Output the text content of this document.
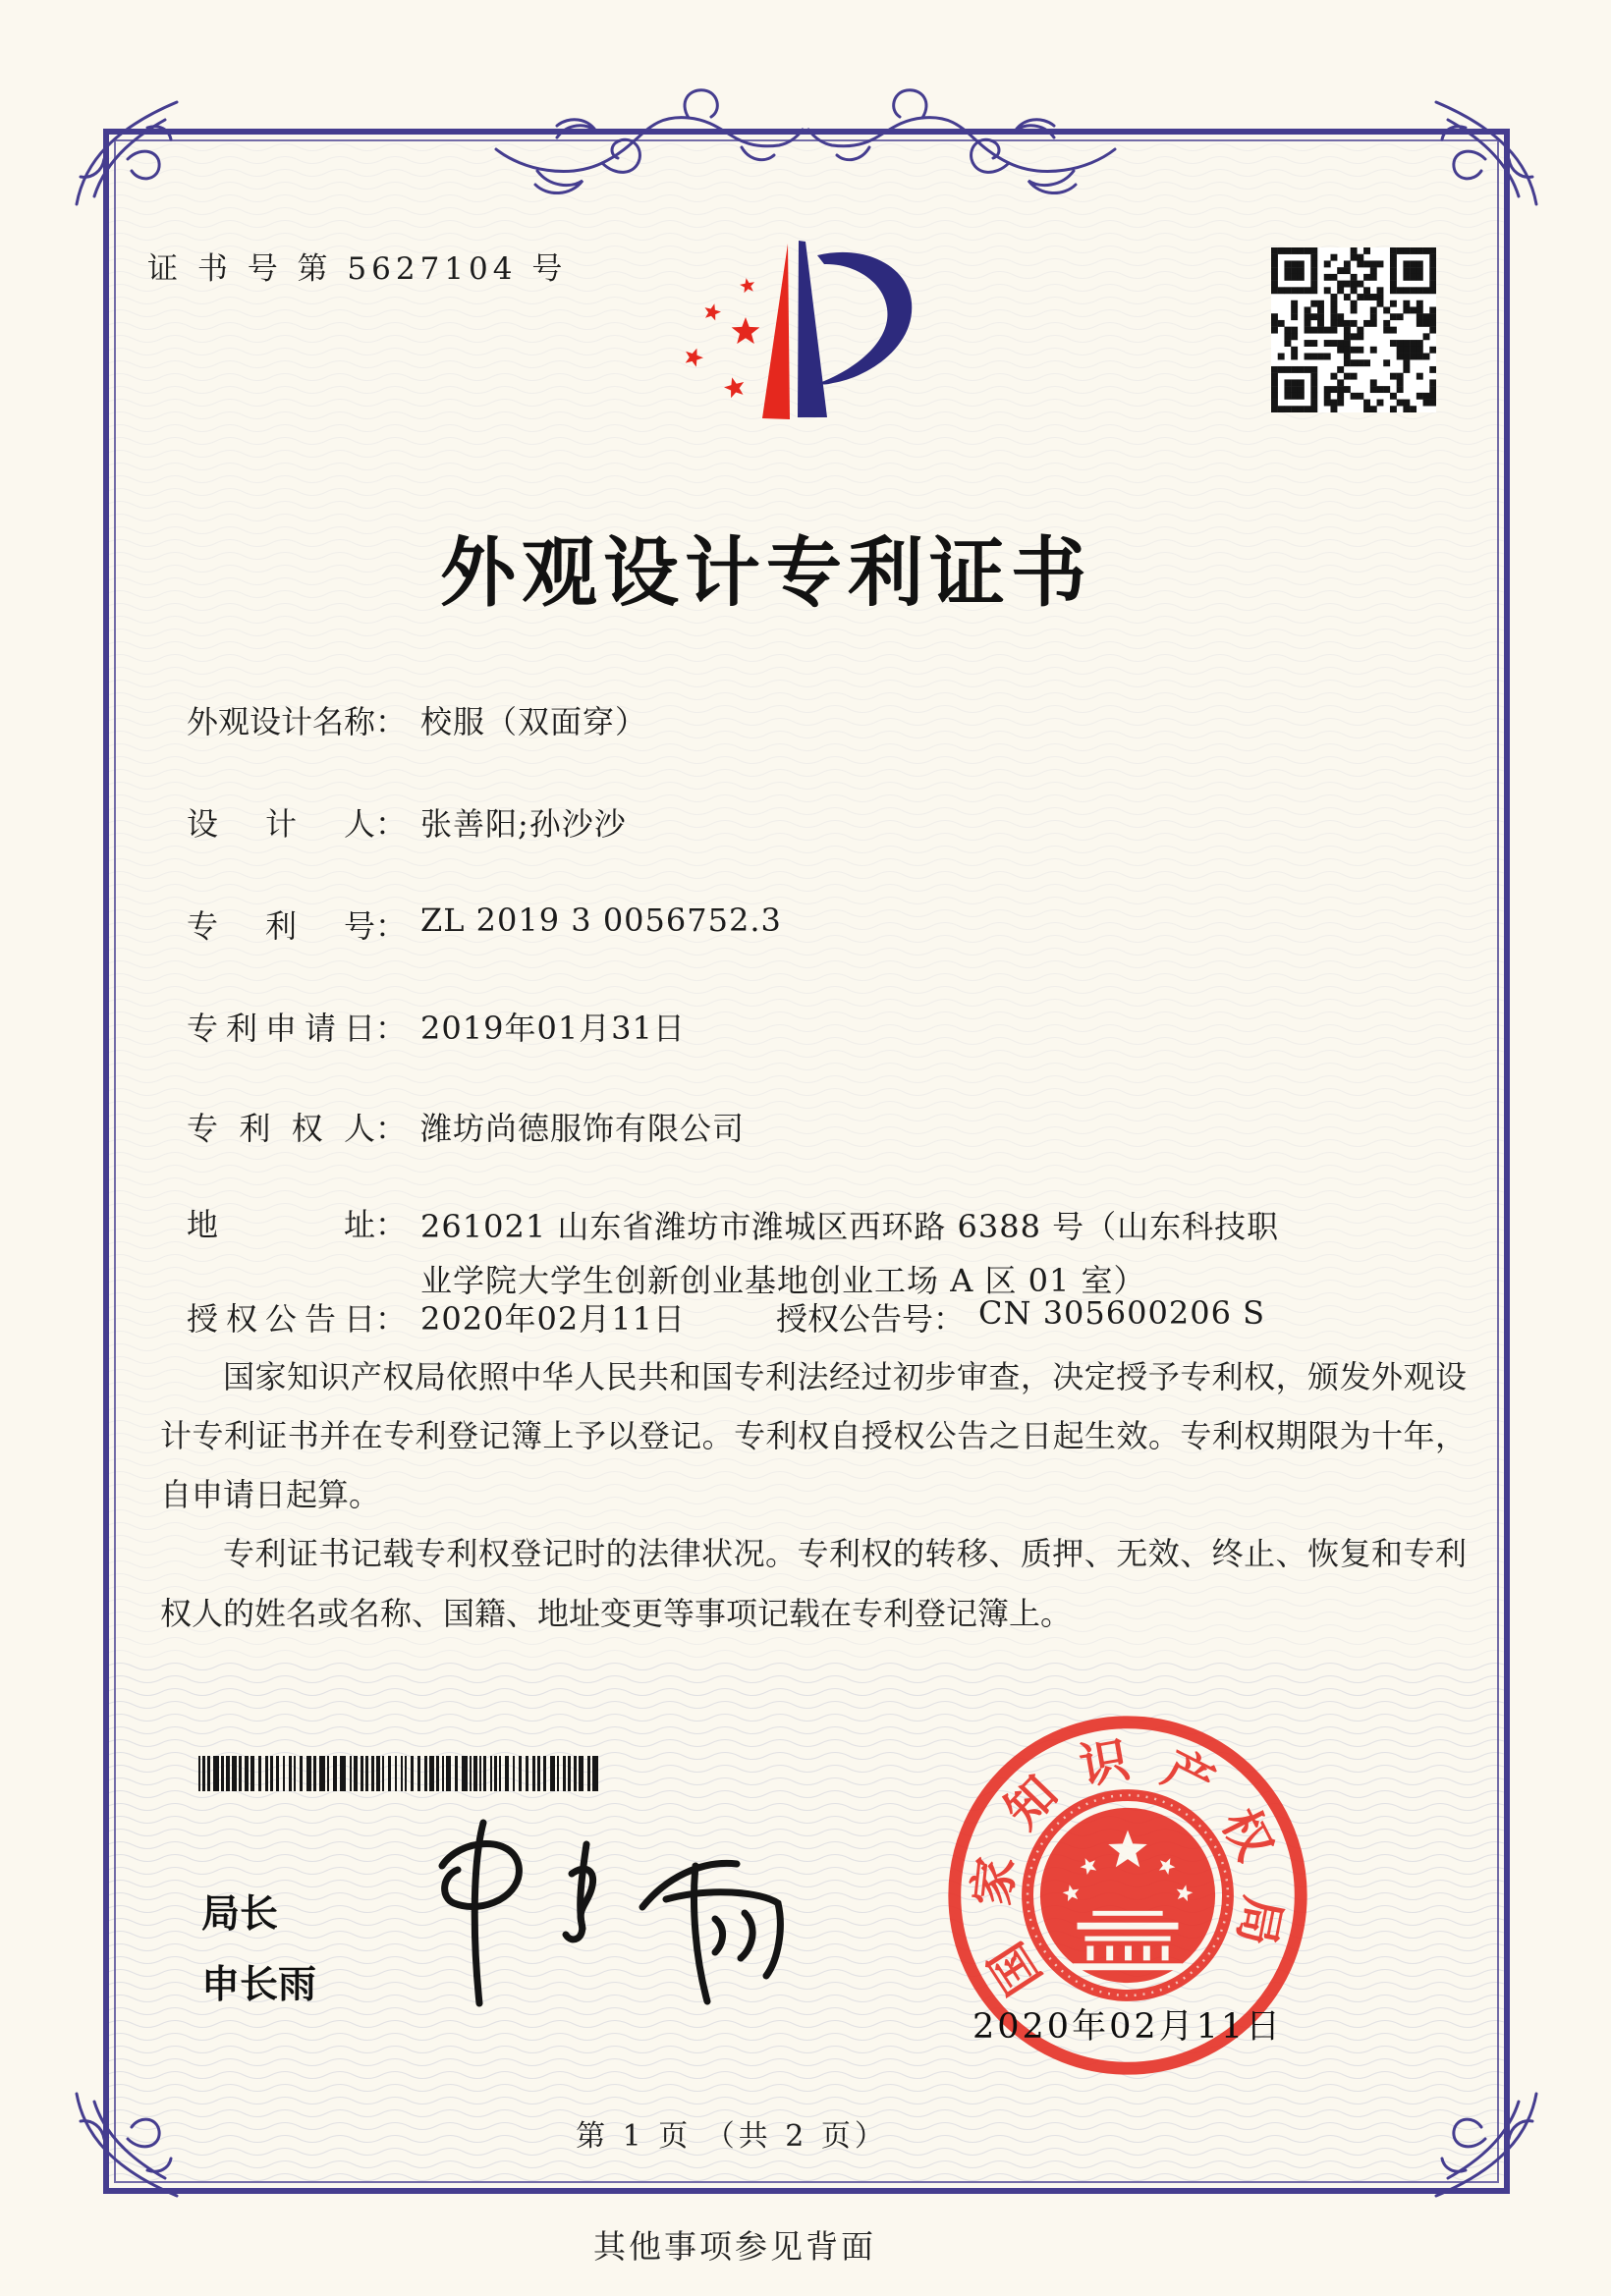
证 书 号 第 5627104 号
外观设计专利证书
外观设计名称 ： 校服（双面穿）
设计人 ： 张善阳;孙沙沙
专利号 ： ZL 2019 3 0056752.3
专利申请日 ： 2019年01月31日
专利权人 ： 潍坊尚德服饰有限公司
地址 ： 261021 山东省潍坊市潍城区西环路 6388 号（山东科技职业学院大学生创新创业基地创业工场 A 区 01 室）
授权公告日 ： 2020年02月11日	授权公告号 ： CN 305600206 S

国家知识产权局依照中华人民共和国专利法经过初步审查，决定授予专利权，颁发外观设计专利证书并在专利登记簿上予以登记。专利权自授权公告之日起生效。专利权期限为十年，自申请日起算。

专利证书记载专利权登记时的法律状况。专利权的转移、质押、无效、终止、恢复和专利权人的姓名或名称、国籍、地址变更等事项记载在专利登记簿上。

局长
申长雨	国
家
知
识 产
权
局
2020年02月11日
第 1 页 （共 2 页）
其他事项参见背面
